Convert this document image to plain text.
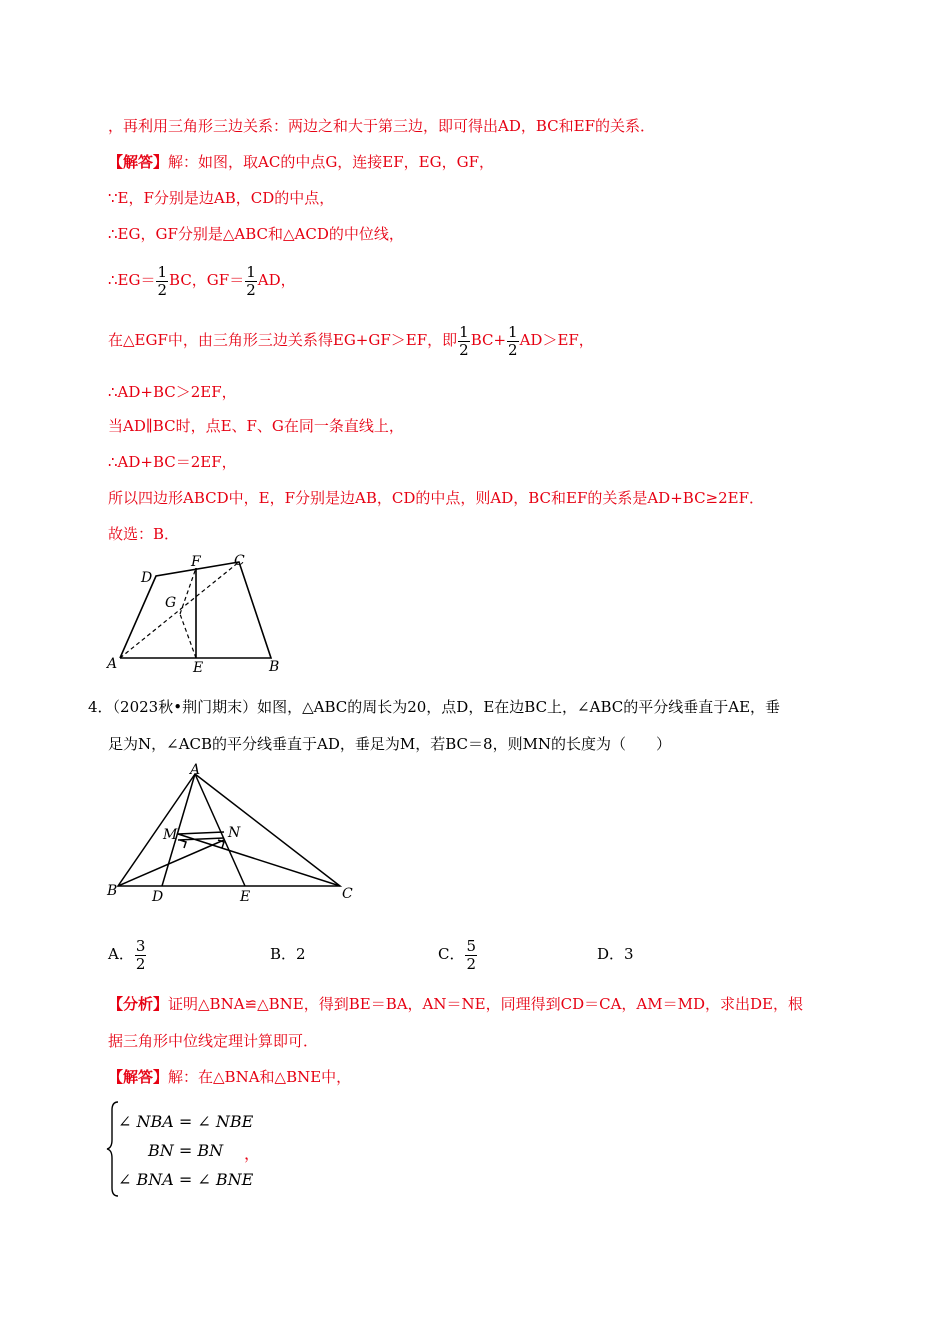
，再利用三角形三边关系：两边之和大于第三边，即可得出AD，BC和EF的关系．
【解答】解：如图，取AC的中点G，连接EF，EG，GF，
∵E，F分别是边AB，CD的中点，
∴EG，GF分别是△ABC和△ACD的中位线，
∴EG＝ $\frac{1}{2}$ BC，$GF= \frac{1}{2}$ AD，
在△EGF中，由三角形三边关系得EG+GF＞EF，即 $\frac{1}{2} BC+ \frac{1}{2} AD>EF$，
∴AD+BC＞2EF，
当AD∥BC时，点E、F、G在同一条直线上，
∴AD+BC＝2EF，
所以四边形ABCD中，E，F分别是边AB，CD的中点，则AD，BC和EF的关系是AD+BC≥2EF．
故选：B．
A	B
C
D
E
F
G
4．（2023秋•荆门期末）如图，△ABC的周长为20，点D，E在边BC上，∠ABC的平分线垂直于AE，垂
足为N，∠ACB的平分线垂直于AD，垂足为M，若BC＝8，则MN的长度为（　　）
A
B	C
D	E
M	N
A． $\frac{3}{2}$	B．2	C． $\frac{5}{2}$	D．3
【分析】证明△BNA≌△BNE，得到BE＝BA，AN＝NE，同理得到CD＝CA，AM＝MD，求出DE，根
据三角形中位线定理计算即可．
【解答】解：在△BNA和△BNE中，
∠ NBA = ∠ NBE
BN = BN ，
∠ BNA = ∠ BNE
